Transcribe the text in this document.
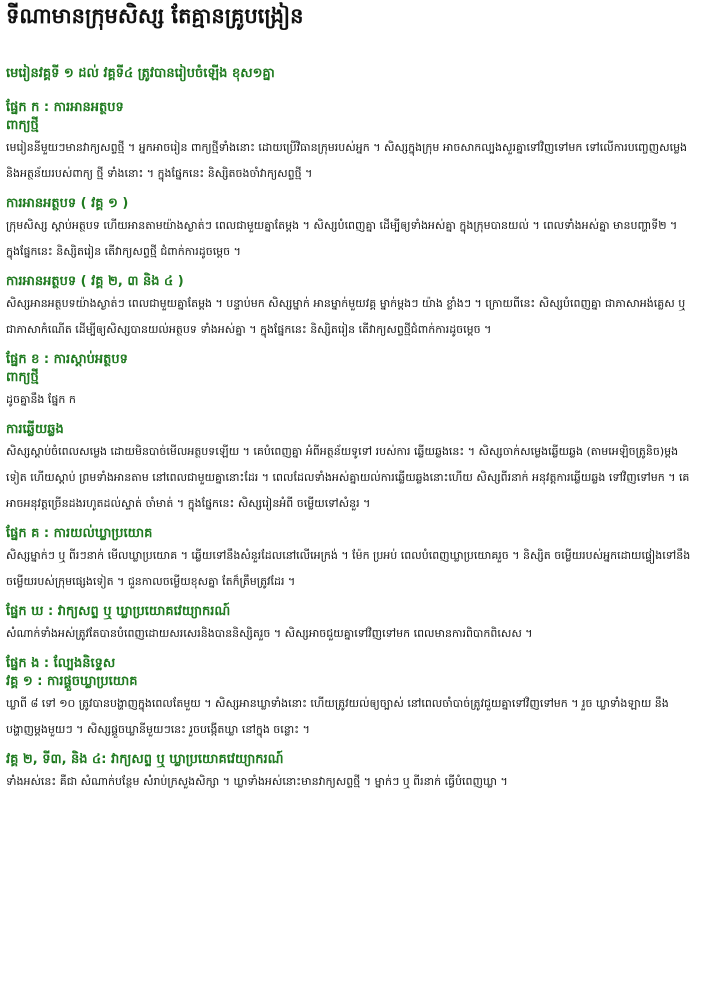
ទីណាមានក្រុមសិស្ស តែគ្មានគ្រូបង្រៀន
មេរៀនវគ្គទី ១ ដល់ វគ្គទី៤ ត្រូវបានរៀបចំឡើង ខុស១គ្នា
ផ្នែក ក : ការអានអត្ថបទ
ពាក្យថ្មី

មេរៀននីមួយៗមានវាក្យសព្ទថ្មី ។ អ្នកអាចរៀន ពាក្យថ្មីទាំងនោះ ដោយប្រើវិធានក្រុមរបស់អ្នក ។ សិស្សក្នុងក្រុម អាចសាកល្បងសួរគ្នាទៅវិញទៅមក ទៅលើការបញ្ចេញសម្លេង និងអត្ថន័យរបស់ពាក្យ ថ្មី ទាំងនោះ ។ ក្នុងផ្នែកនេះ និស្សិតចងចាំវាក្យសព្ទថ្មី ។

ការអានអត្ថបទ ( វគ្គ ១ )

ក្រុមសិស្ស ស្តាប់អត្ថបទ ហើយអានតាមយ៉ាងស្ងាត់ៗ ពេលជាមួយគ្នាតែម្តង ។ សិស្សបំពេញគ្នា ដើម្បីឲ្យទាំងអស់គ្នា ក្នុងក្រុមបានយល់ ។ ពេលទាំងអស់គ្នា មានបញ្ហាទី២ ។ ក្នុងផ្នែកនេះ និស្សិតរៀន តើវាក្យសព្ទថ្មី ជំពាក់ការដូចម្តេច ។

ការអានអត្ថបទ ( វគ្គ ២, ៣ និង ៤ )

សិស្សអានអត្ថបទយ៉ាងស្ងាត់ៗ ពេលជាមួយគ្នាតែម្តង ។ បន្ទាប់មក សិស្សម្នាក់ អានម្នាក់មួយវគ្គ ម្នាក់ម្តងៗ យ៉ាង ខ្លាំងៗ ។ ក្រោយពីនេះ សិស្សបំពេញគ្នា ជាភាសាអង់គ្លេស ឬ ជាភាសាកំណើត ដើម្បីឲ្យសិស្សបានយល់អត្ថបទ ទាំងអស់គ្នា ។ ក្នុងផ្នែកនេះ និស្សិតរៀន តើវាក្យសព្ទថ្មីជំពាក់ការដូចម្តេច ។

ផ្នែក ខ : ការស្តាប់អត្ថបទ
ពាក្យថ្មី

ដូចគ្នានឹង ផ្នែក ក

ការឆ្លើយឆ្លង

សិស្សស្តាប់ចំពេលសម្លេង ដោយមិនបាច់មើលអត្ថបទឡើយ ។ គេបំពេញគ្នា អំពីអត្ថន័យទូទៅ របស់ការ ឆ្លើយឆ្លងនេះ ។ សិស្សចាក់សម្លេងឆ្លើយឆ្លង (តាមអេឡិចត្រូនិច)ម្តងទៀត ហើយស្តាប់ ព្រមទាំងអានតាម នៅពេលជាមួយគ្នានោះដែរ ។ ពេលដែលទាំងអស់គ្នាយល់ការឆ្លើយឆ្លងនោះហើយ សិស្សពីរនាក់ អនុវត្តការឆ្លើយឆ្លង ទៅវិញទៅមក ។ គេអាចអនុវត្តច្រើនដងរហូតដល់ស្ទាត់ ចាំមាត់ ។ ក្នុងផ្នែកនេះ សិស្សរៀនអំពី ចម្លើយទៅសំនួរ ។

ផ្នែក គ : ការយល់ឃ្លាប្រយោគ

សិស្សម្នាក់ៗ ឬ ពីរៗនាក់ មើលឃ្លាប្រយោគ ។ ឆ្លើយទៅនឹងសំនួរដែលនៅលើអេក្រង់ ។ ម៉ែក ប្រអប់ ពេលបំពេញឃ្លាប្រយោគរួច ។ និស្សិត ចម្លើយរបស់អ្នកដោយផ្ទៀងទៅនឹងចម្លើយរបស់ក្រុមផ្សេងទៀត ។ ជួនកាលចម្លើយខុសគ្នា តែក៏ត្រឹមត្រូវដែរ ។

ផ្នែក ឃ : វាក្យសព្ទ ឬ ឃ្លាប្រយោគវេយ្យាករណ៍

សំណាក់ទាំងអស់ត្រូវតែបានបំពេញដោយសរសេរនិងបាននិស្សិតរួច ។ សិស្សអាចជួយគ្នាទៅវិញទៅមក ពេលមានការពិបាកពិសេស ។

ផ្នែក ង : ល្បែងនិទ្ទេស
វគ្គ ១ : ការផ្គួចឃ្លាប្រយោគ

ឃ្លាពី ៨ ទៅ ១០ ត្រូវបានបង្ហាញក្នុងពេលតែមួយ ។ សិស្សអានឃ្លាទាំងនោះ ហើយត្រូវយល់ឲ្យច្បាស់ នៅពេលចាំបាច់ត្រូវជួយគ្នាទៅវិញទៅមក ។ រួច ឃ្លាទាំងឡាយ នឹងបង្ហាញម្តងមួយៗ ។ សិស្សផ្គួចឃ្លានីមួយៗនេះ រួចបង្កើតឃ្លា នៅក្នុង ចន្លោះ ។

វគ្គ ២, ទី៣, និង ៤: វាក្យសព្ទ ឬ ឃ្លាប្រយោគវេយ្យាករណ៍

ទាំងអស់នេះ គឺជា សំណាក់បន្ថែម សំរាប់ក្រសួងសិក្សា ។ ឃ្លាទាំងអស់នោះមានវាក្យសព្ទថ្មី ។ ម្នាក់ៗ ឬ ពីរនាក់ ធ្វើបំពេញឃ្លា ។
